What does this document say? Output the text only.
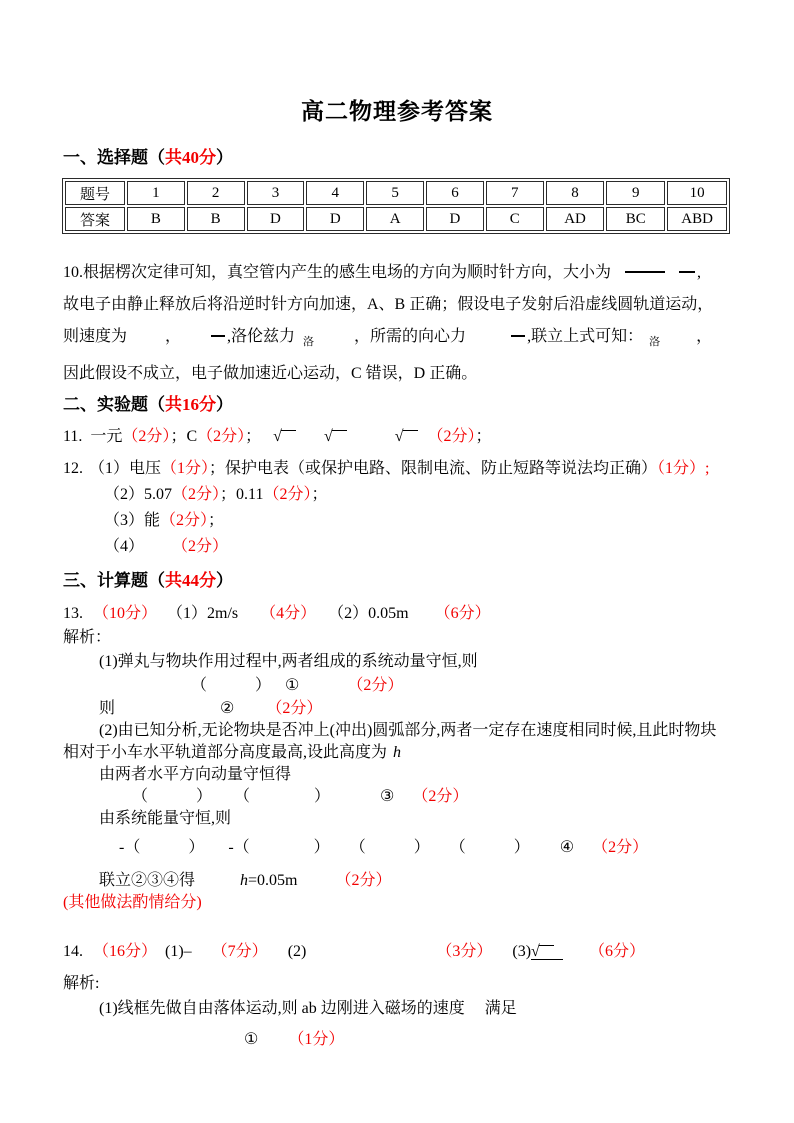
高二物理参考答案
一、选择题（共40分）
题号	1	2	3	4	5	6	7	8	9	10
答案	B	B	D	D	A	D	C	AD	BC	ABD
10.根据楞次定律可知，真空管内产生的感生电场的方向为顺时针方向，大小为	,
故电子由静止释放后将沿逆时针方向加速，A、B 正确；假设电子发射后沿虚线圆轨道运动，
则速度为 ，	,洛伦兹力 $_洛$	，所需的向心力	,联立上式可知： $_洛$ ，
因此假设不成立，电子做加速近心运动，C 错误，D 正确。
二、实验题（共16分）
11. 一元（2分）；C（2分）； √	√	√ （2分）；
12. （1）电压（1分）；保护电表（或保护电路、限制电流、防止短路等说法均正确）（1分）;
（2）5.07（2分）；0.11（2分）；
（3）能（2分）；
（4） （2分）
三、计算题（共44分）
13. （10分） （1）2m/s （4分） （2）0.05m （6分）
解析：
(1)弹丸与物块作用过程中,两者组成的系统动量守恒,则
（　　　） ①	（2分）
则	② （2分）
(2)由已知分析,无论物块是否冲上(冲出)圆弧部分,两者一定存在速度相同时候,且此时物块相对于小车水平轨道部分高度最高,设此高度为 h
由两者水平方向动量守恒得
（　　　） （　　　　）	③ （2分）
由系统能量守恒,则
-（　　　） -（　　　　） （　　　） （　　　） ④ （2分）
联立②③④得	h=0.05m （2分）
(其他做法酌情给分)
14. （16分） (1)– （7分） (2)	（3分） (3)√	（6分）
解析:
(1)线框先做自由落体运动,则 ab 边刚进入磁场的速度 满足
① （1分）
